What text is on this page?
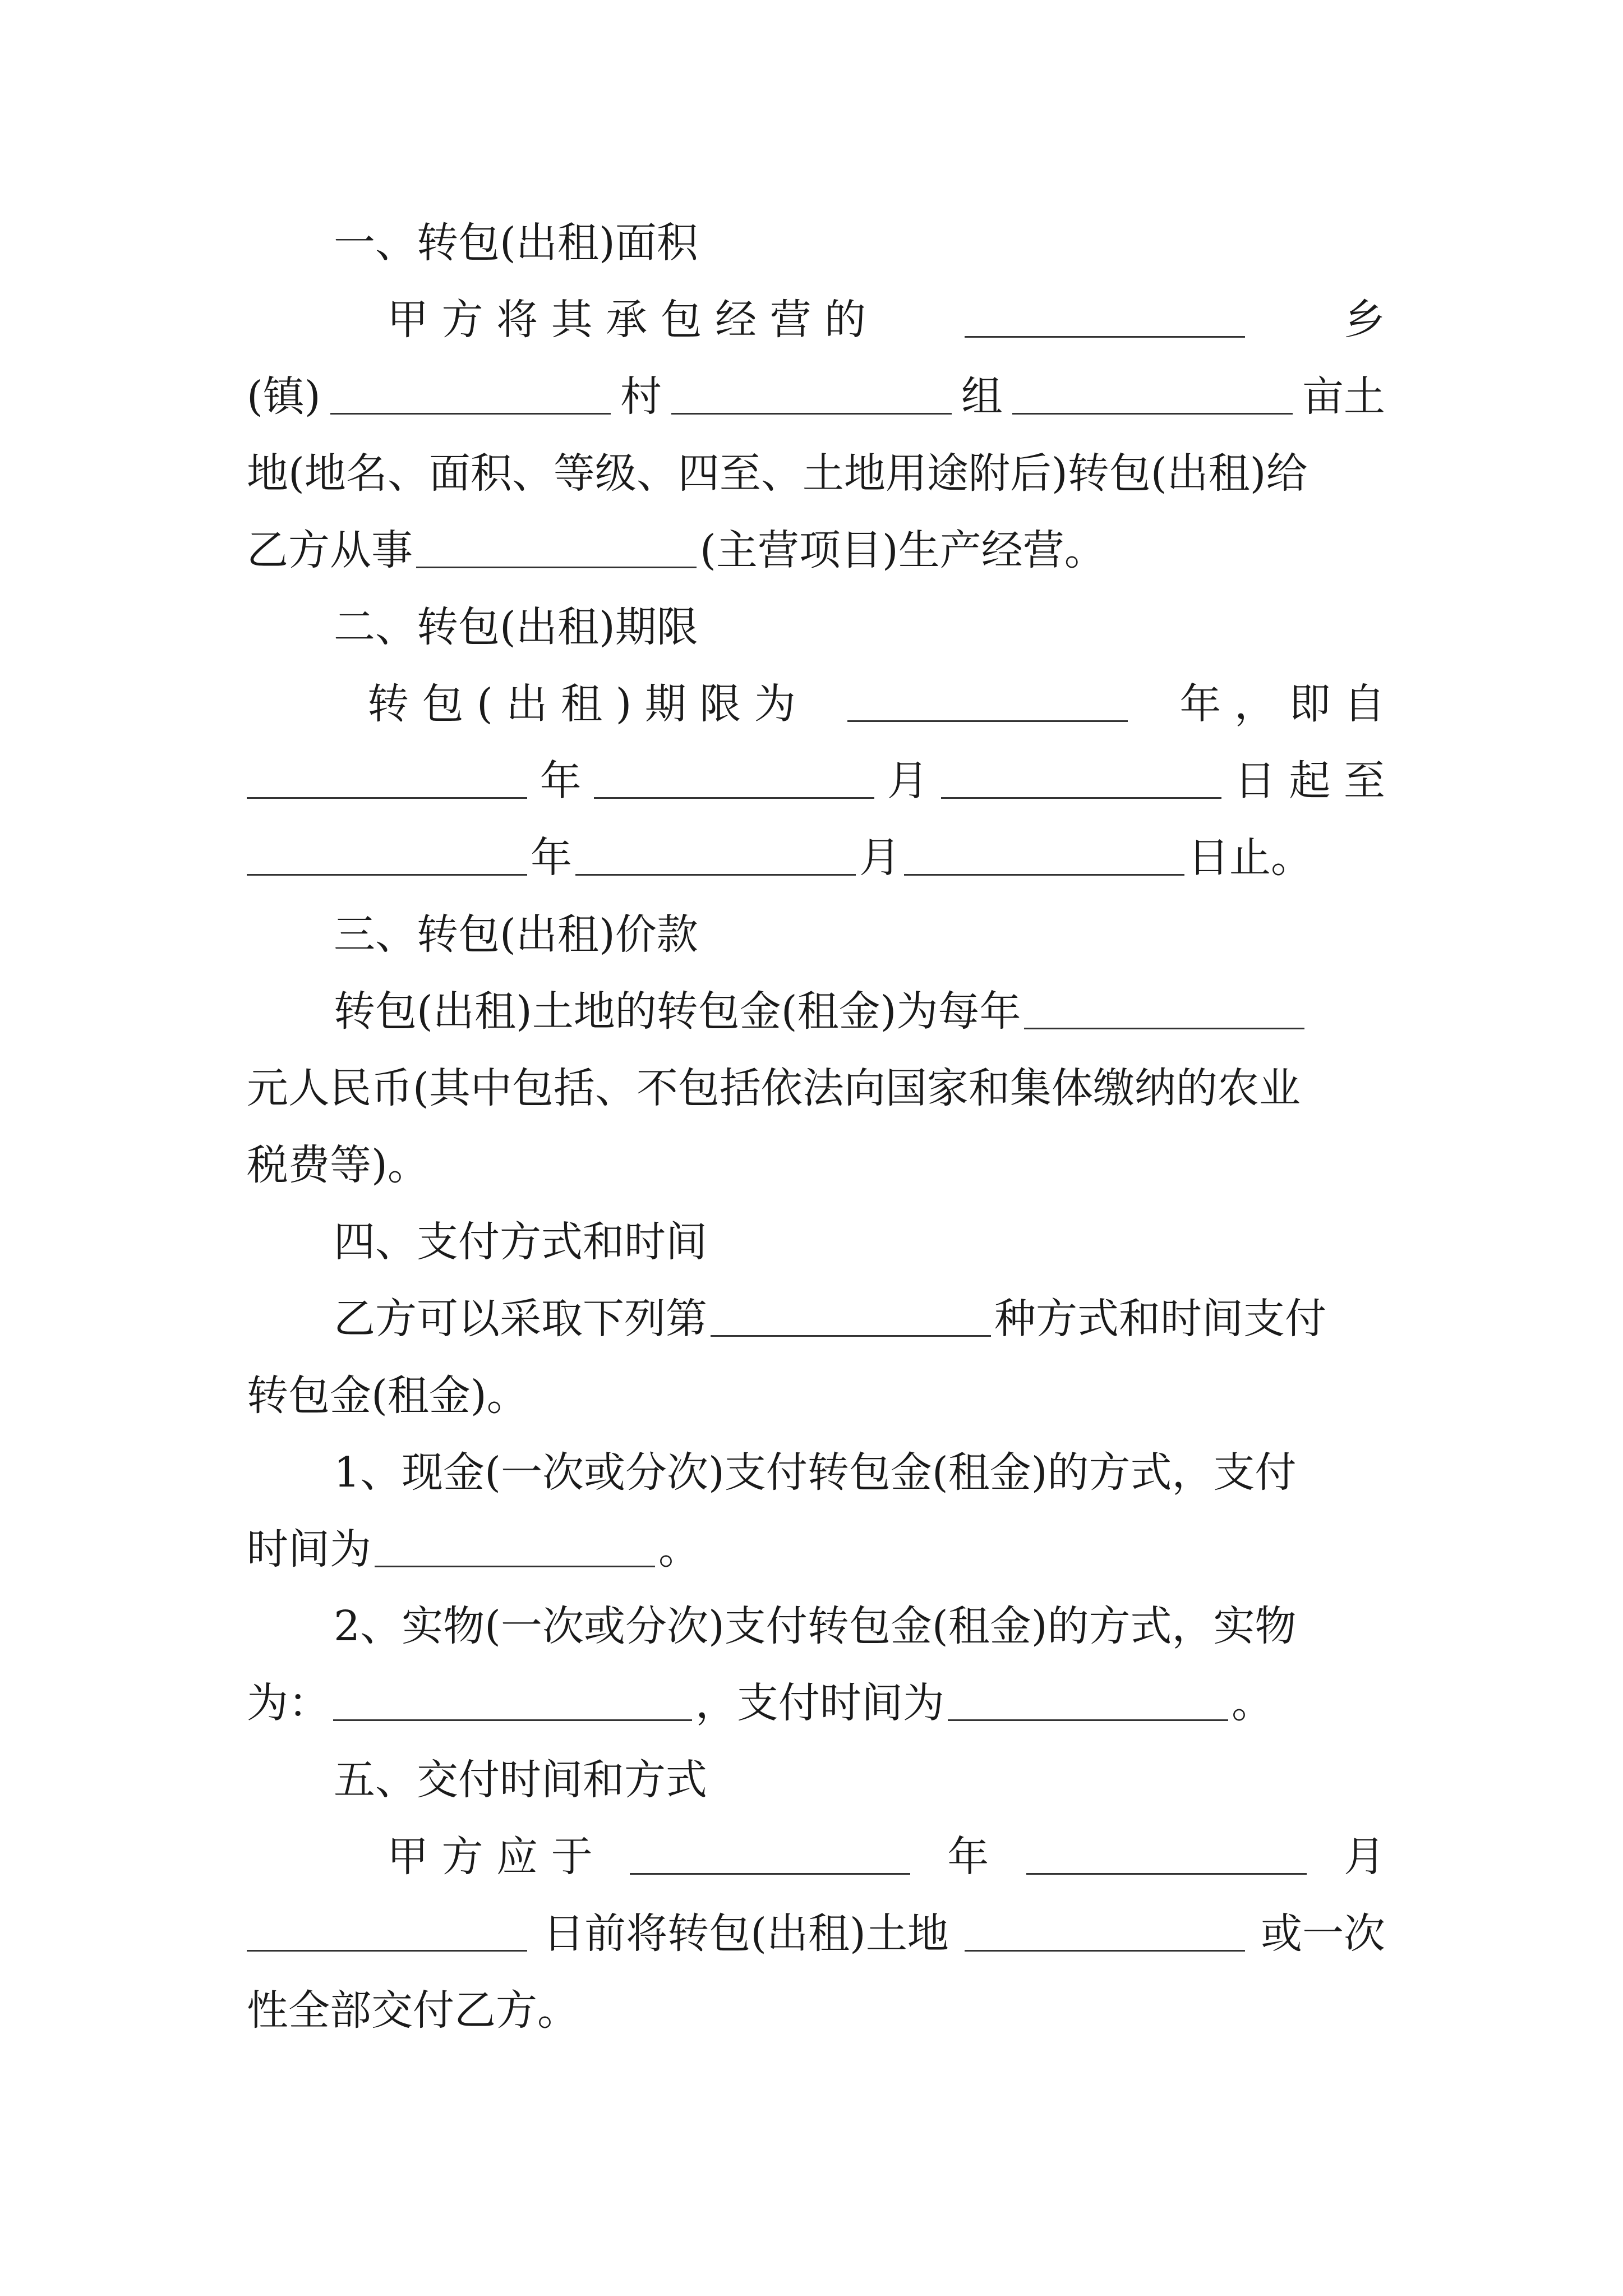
一、转包(出租)面积
甲 方 将 其 承 包 经 营 的	乡
(镇)	村	组	亩土
地(地名、面积、等级、四至、土地用途附后)转包(出租)给
乙方从事	(主营项目)生产经营。
二、转包(出租)期限
转 包 ( 出 租 ) 期 限 为	年 ， 即 自
年	月	日 起 至
年	月	日止。
三、转包(出租)价款
转包(出租)土地的转包金(租金)为每年
元人民币(其中包括、不包括依法向国家和集体缴纳的农业
税费等)。
四、支付方式和时间
乙方可以采取下列第	种方式和时间支付
转包金(租金)。
1、现金(一次或分次)支付转包金(租金)的方式，支付
时间为	。
2、实物(一次或分次)支付转包金(租金)的方式，实物
为：	，支付时间为	。
五、交付时间和方式
甲 方 应 于	年	月
日前将转包(出租)土地	或一次
性全部交付乙方。
